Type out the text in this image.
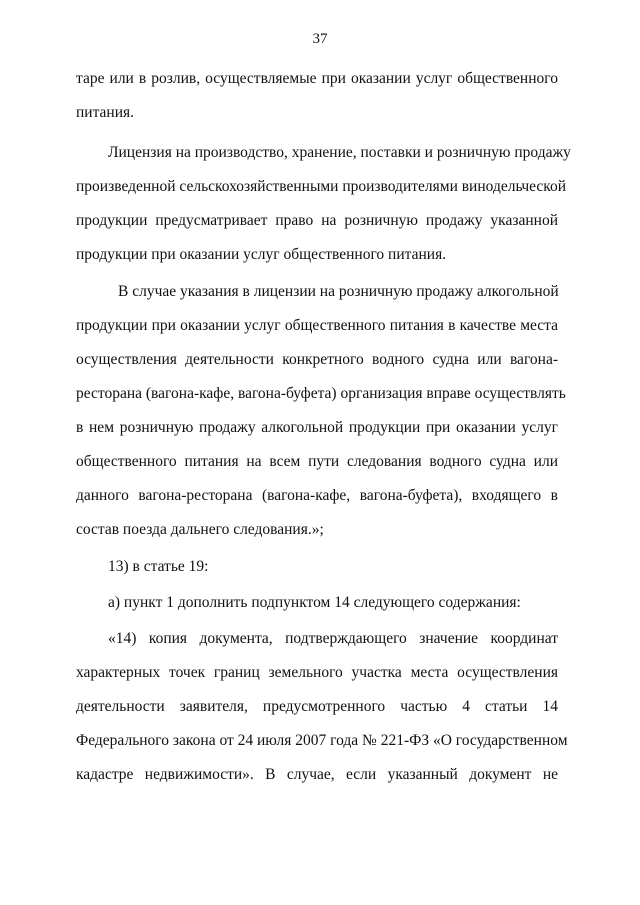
37
таре или в розлив, осуществляемые при оказании услуг общественного
питания.
Лицензия на производство, хранение, поставки и розничную продажу
произведенной сельскохозяйственными производителями винодельческой
продукции предусматривает право на розничную продажу указанной
продукции при оказании услуг общественного питания.
В случае указания в лицензии на розничную продажу алкогольной
продукции при оказании услуг общественного питания в качестве места
осуществления деятельности конкретного водного судна или вагона-
ресторана (вагона-кафе, вагона-буфета) организация вправе осуществлять
в нем розничную продажу алкогольной продукции при оказании услуг
общественного питания на всем пути следования водного судна или
данного вагона-ресторана (вагона-кафе, вагона-буфета), входящего в
состав поезда дальнего следования.»;
13) в статье 19:
а) пункт 1 дополнить подпунктом 14 следующего содержания:
«14) копия документа, подтверждающего значение координат
характерных точек границ земельного участка места осуществления
деятельности заявителя, предусмотренного частью 4 статьи 14
Федерального закона от 24 июля 2007 года № 221-ФЗ «О государственном
кадастре недвижимости». В случае, если указанный документ не
